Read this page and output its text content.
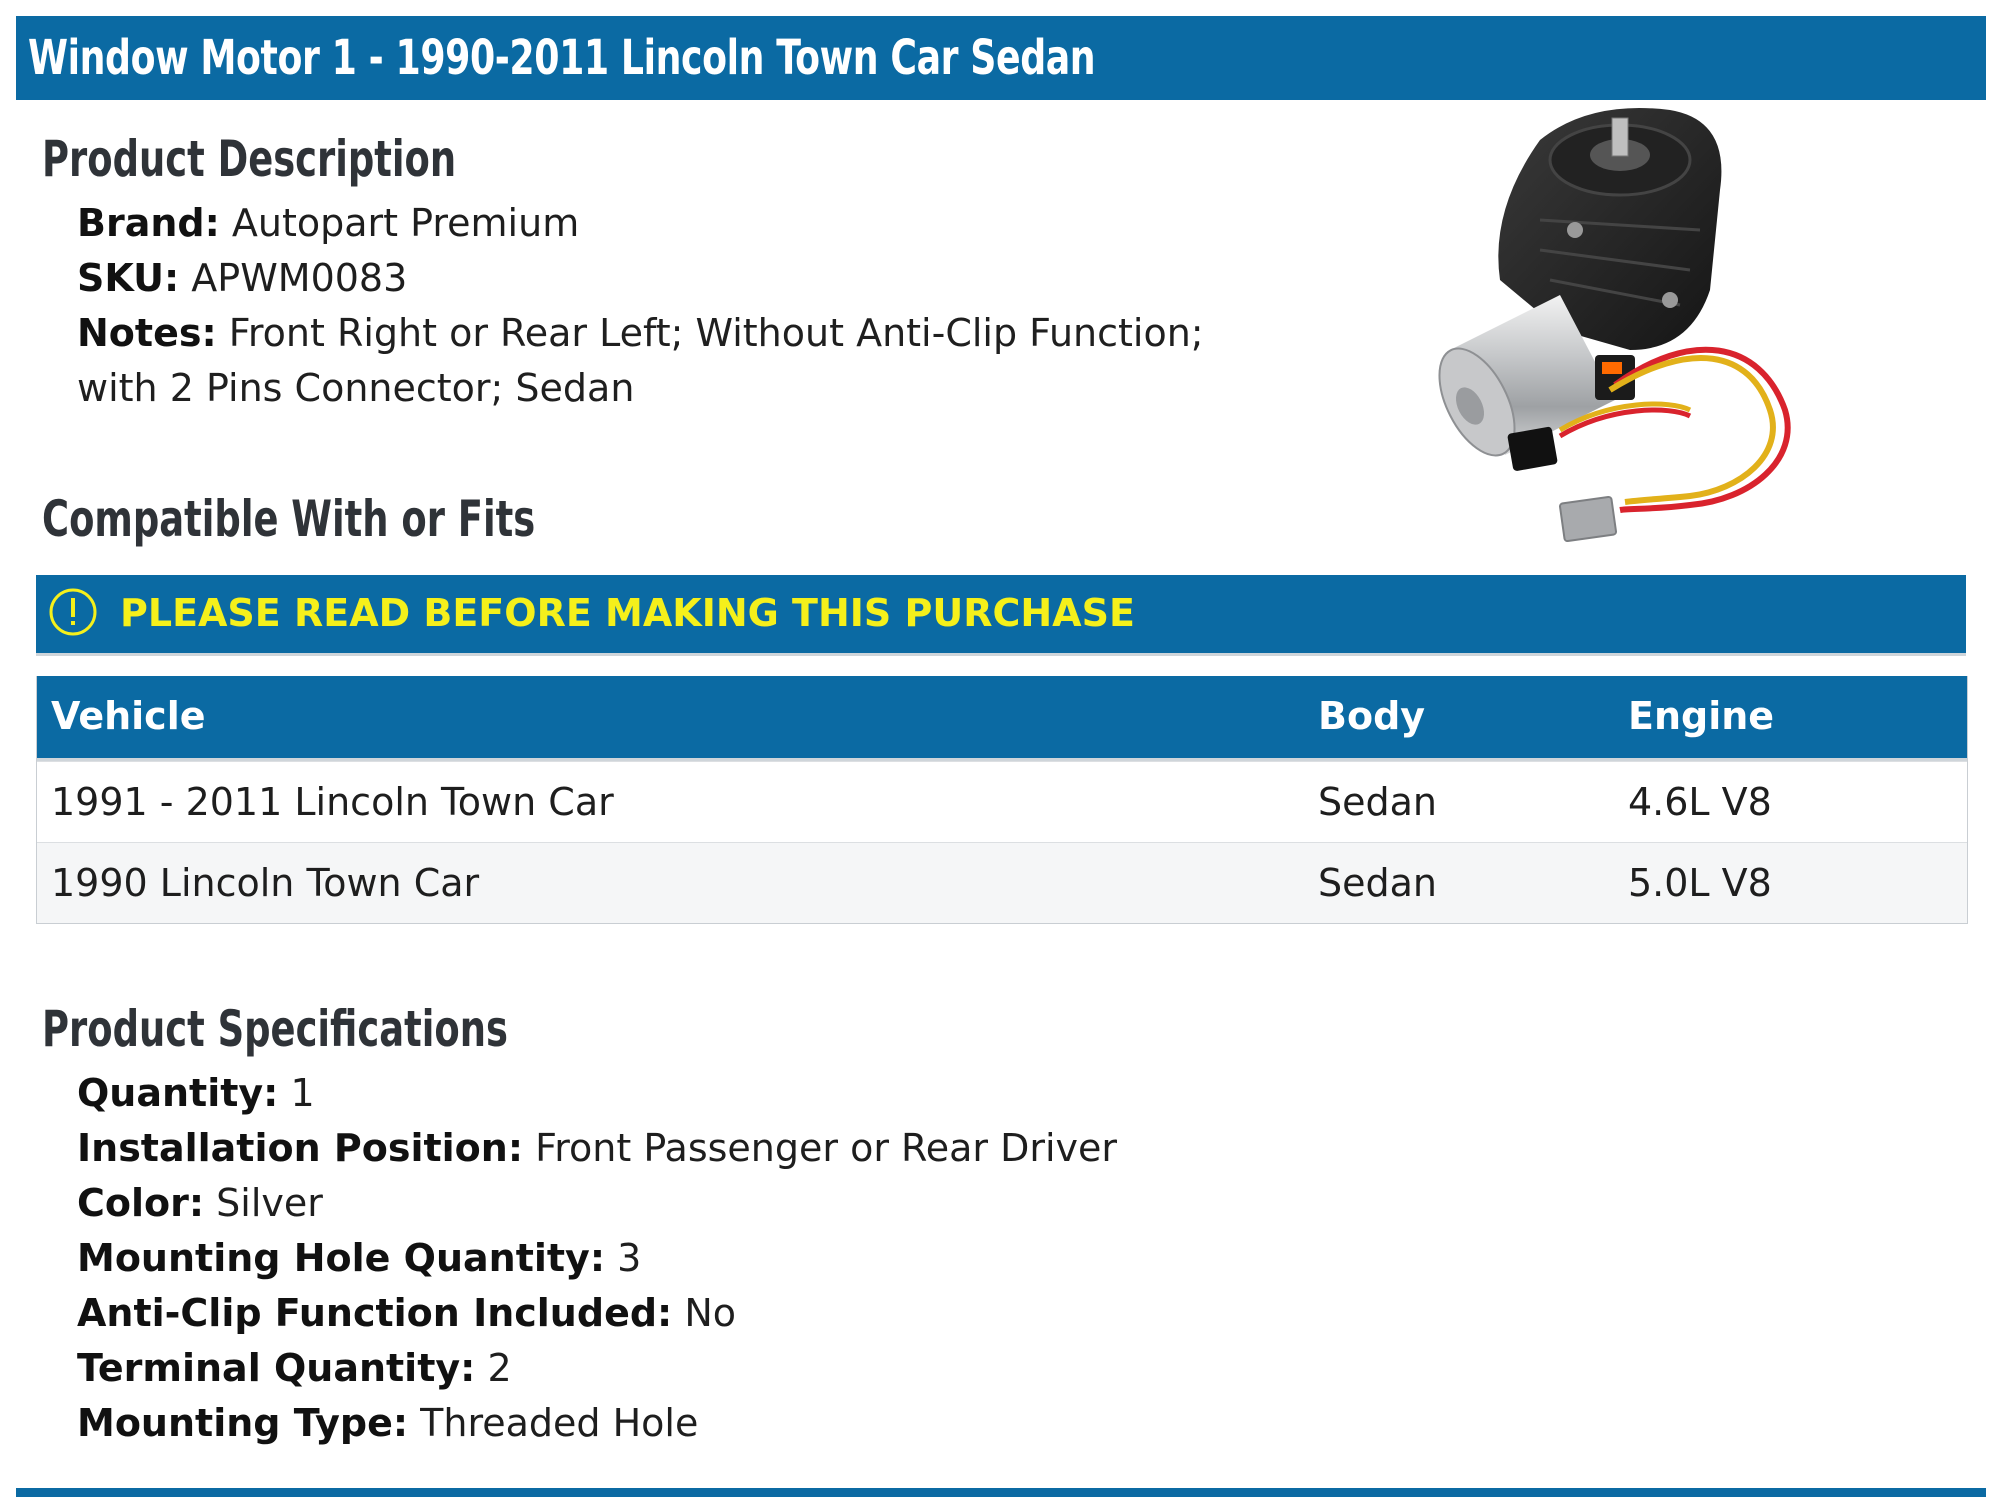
Window Motor 1 - 1990-2011 Lincoln Town Car Sedan
Product Description
Brand: Autopart Premium
SKU: APWM0083
Notes: Front Right or Rear Left; Without Anti-Clip Function; with 2 Pins Connector; Sedan
Compatible With or Fits
PLEASE READ BEFORE MAKING THIS PURCHASE
Vehicle	Body	Engine
1991 - 2011 Lincoln Town Car	Sedan	4.6L V8
1990 Lincoln Town Car	Sedan	5.0L V8
Product Specifications
Quantity: 1
Installation Position: Front Passenger or Rear Driver
Color: Silver
Mounting Hole Quantity: 3
Anti-Clip Function Included: No
Terminal Quantity: 2
Mounting Type: Threaded Hole
